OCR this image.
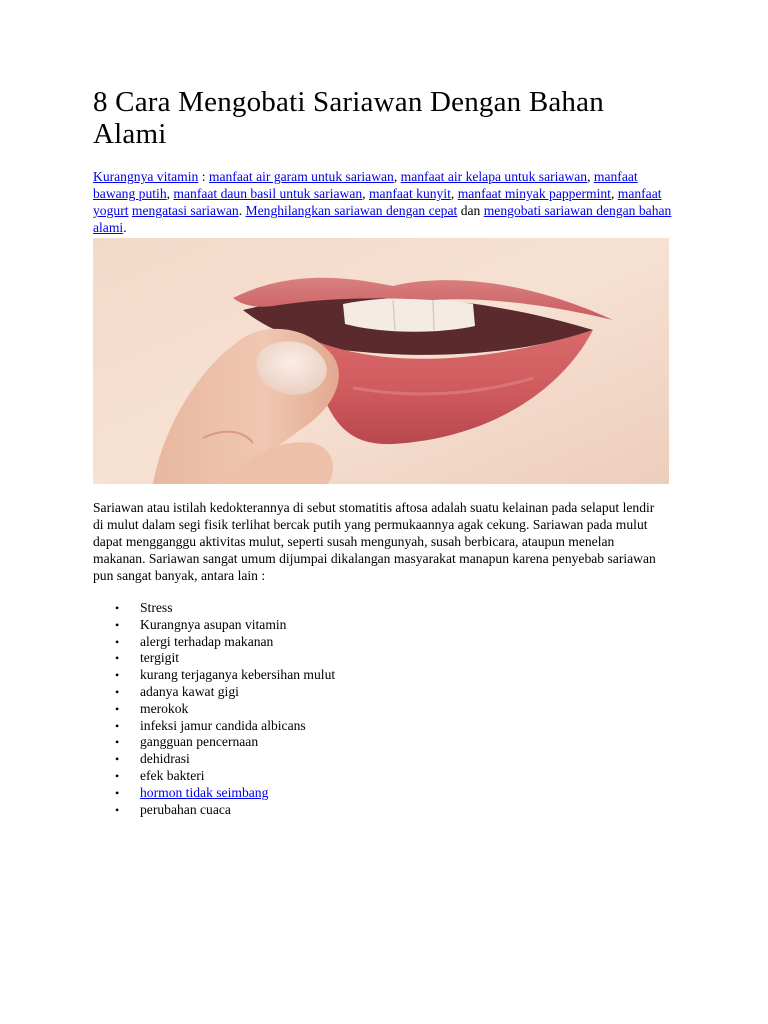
8 Cara Mengobati Sariawan Dengan Bahan Alami

Kurangnya vitamin : manfaat air garam untuk sariawan, manfaat air kelapa untuk sariawan, manfaat bawang putih, manfaat daun basil untuk sariawan, manfaat kunyit, manfaat minyak pappermint, manfaat yogurt mengatasi sariawan. Menghilangkan sariawan dengan cepat dan mengobati sariawan dengan bahan alami.

Sariawan atau istilah kedokterannya di sebut stomatitis aftosa adalah suatu kelainan pada selaput lendir di mulut dalam segi fisik terlihat bercak putih yang permukaannya agak cekung. Sariawan pada mulut dapat mengganggu aktivitas mulut, seperti susah mengunyah, susah berbicara, ataupun menelan makanan. Sariawan sangat umum dijumpai dikalangan masyarakat manapun karena penyebab sariawan pun sangat banyak, antara lain :

• Stress
• Kurangnya asupan vitamin
• alergi terhadap makanan
• tergigit
• kurang terjaganya kebersihan mulut
• adanya kawat gigi
• merokok
• infeksi jamur candida albicans
• gangguan pencernaan
• dehidrasi
• efek bakteri
• hormon tidak seimbang
• perubahan cuaca
